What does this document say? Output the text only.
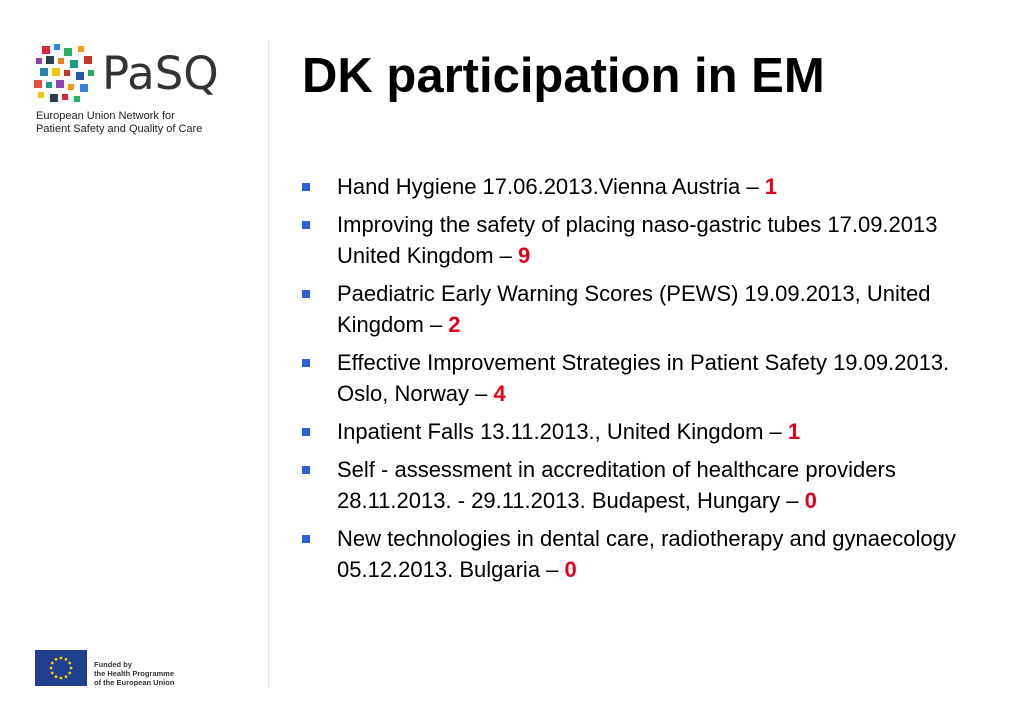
PaSQ
European Union Network for
Patient Safety and Quality of Care
DK participation in EM
Hand Hygiene 17.06.2013.Vienna Austria – 1
Improving the safety of placing naso-gastric tubes 17.09.2013 United Kingdom – 9
Paediatric Early Warning Scores (PEWS) 19.09.2013, United Kingdom – 2
Effective Improvement Strategies in Patient Safety 19.09.2013. Oslo, Norway – 4
Inpatient Falls 13.11.2013., United Kingdom – 1
Self - assessment in accreditation of healthcare providers 28.11.2013. - 29.11.2013. Budapest, Hungary – 0
New technologies in dental care, radiotherapy and gynaecology 05.12.2013. Bulgaria – 0
Funded by
the Health Programme
of the European Union
